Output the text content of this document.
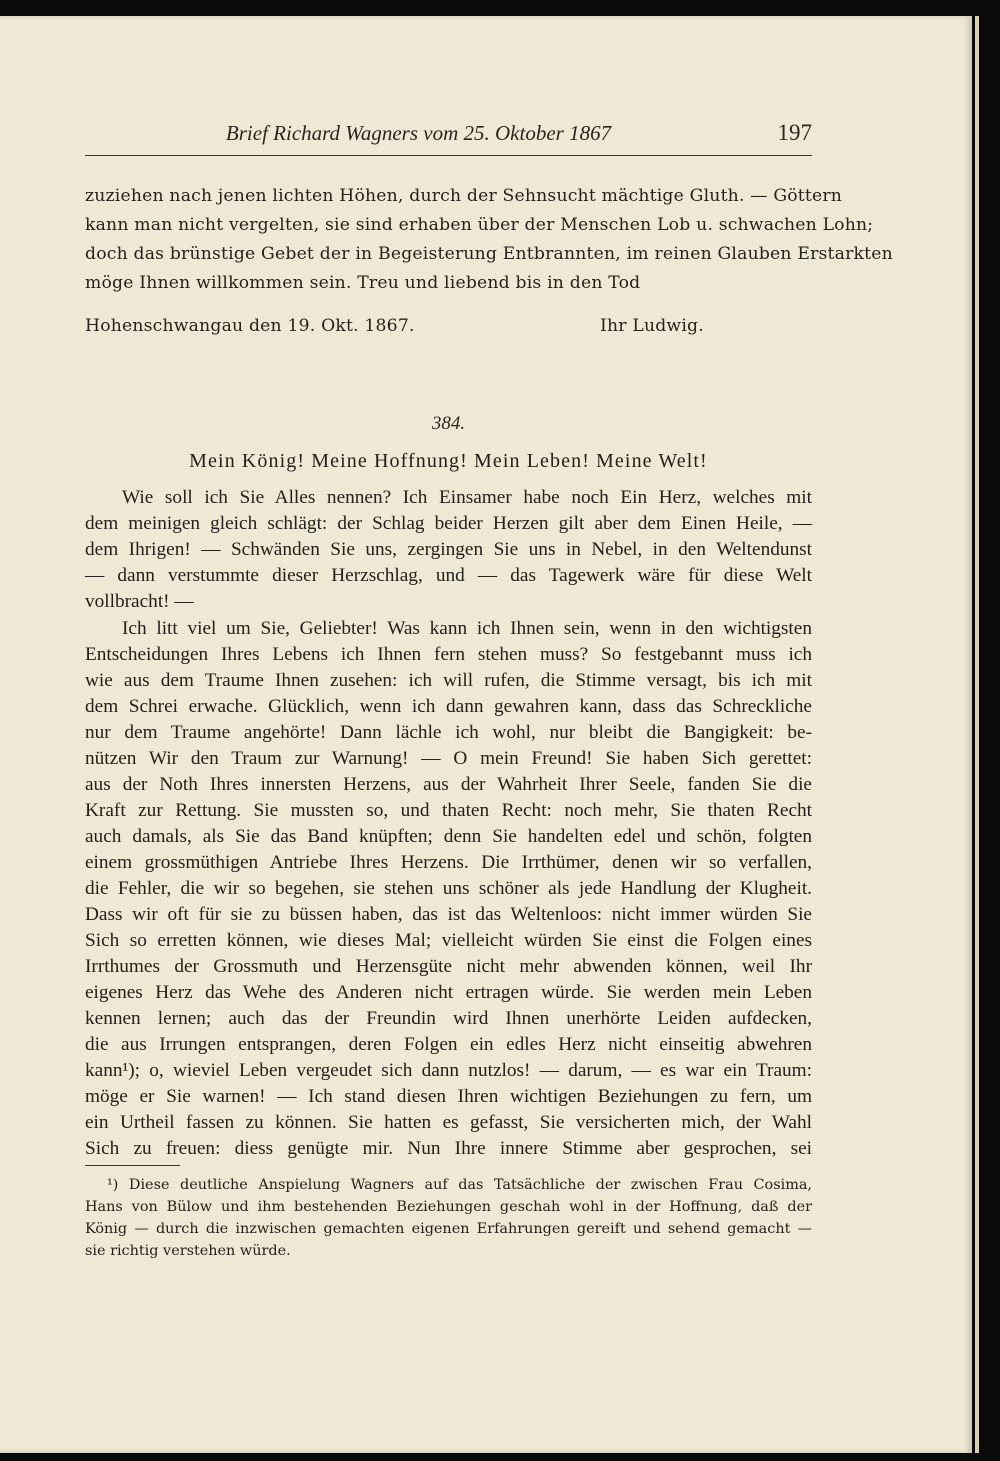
Brief Richard Wagners vom 25. Oktober 1867	197
zuziehen nach jenen lichten Höhen, durch der Sehnsucht mächtige Gluth. — Göttern
kann man nicht vergelten, sie sind erhaben über der Menschen Lob u. schwachen Lohn;
doch das brünstige Gebet der in Begeisterung Entbrannten, im reinen Glauben Erstarkten
möge Ihnen willkommen sein. Treu und liebend bis in den Tod
Hohenschwangau den 19. Okt. 1867.	Ihr Ludwig.
384.
Mein König! Meine Hoffnung! Mein Leben! Meine Welt!
Wie soll ich Sie Alles nennen? Ich Einsamer habe noch Ein Herz, welches mit
dem meinigen gleich schlägt: der Schlag beider Herzen gilt aber dem Einen Heile, —
dem Ihrigen! — Schwänden Sie uns, zergingen Sie uns in Nebel, in den Weltendunst
— dann verstummte dieser Herzschlag, und — das Tagewerk wäre für diese Welt
vollbracht! —
Ich litt viel um Sie, Geliebter! Was kann ich Ihnen sein, wenn in den wichtigsten
Entscheidungen Ihres Lebens ich Ihnen fern stehen muss? So festgebannt muss ich
wie aus dem Traume Ihnen zusehen: ich will rufen, die Stimme versagt, bis ich mit
dem Schrei erwache. Glücklich, wenn ich dann gewahren kann, dass das Schreckliche
nur dem Traume angehörte! Dann lächle ich wohl, nur bleibt die Bangigkeit: be-
nützen Wir den Traum zur Warnung! — O mein Freund! Sie haben Sich gerettet:
aus der Noth Ihres innersten Herzens, aus der Wahrheit Ihrer Seele, fanden Sie die
Kraft zur Rettung. Sie mussten so, und thaten Recht: noch mehr, Sie thaten Recht
auch damals, als Sie das Band knüpften; denn Sie handelten edel und schön, folgten
einem grossmüthigen Antriebe Ihres Herzens. Die Irrthümer, denen wir so verfallen,
die Fehler, die wir so begehen, sie stehen uns schöner als jede Handlung der Klugheit.
Dass wir oft für sie zu büssen haben, das ist das Weltenloos: nicht immer würden Sie
Sich so erretten können, wie dieses Mal; vielleicht würden Sie einst die Folgen eines
Irrthumes der Grossmuth und Herzensgüte nicht mehr abwenden können, weil Ihr
eigenes Herz das Wehe des Anderen nicht ertragen würde. Sie werden mein Leben
kennen lernen; auch das der Freundin wird Ihnen unerhörte Leiden aufdecken,
die aus Irrungen entsprangen, deren Folgen ein edles Herz nicht einseitig abwehren
kann¹); o, wieviel Leben vergeudet sich dann nutzlos! — darum, — es war ein Traum:
möge er Sie warnen! — Ich stand diesen Ihren wichtigen Beziehungen zu fern, um
ein Urtheil fassen zu können. Sie hatten es gefasst, Sie versicherten mich, der Wahl
Sich zu freuen: diess genügte mir. Nun Ihre innere Stimme aber gesprochen, sei
¹) Diese deutliche Anspielung Wagners auf das Tatsächliche der zwischen Frau Cosima,
Hans von Bülow und ihm bestehenden Beziehungen geschah wohl in der Hoffnung, daß der
König — durch die inzwischen gemachten eigenen Erfahrungen gereift und sehend gemacht —
sie richtig verstehen würde.
